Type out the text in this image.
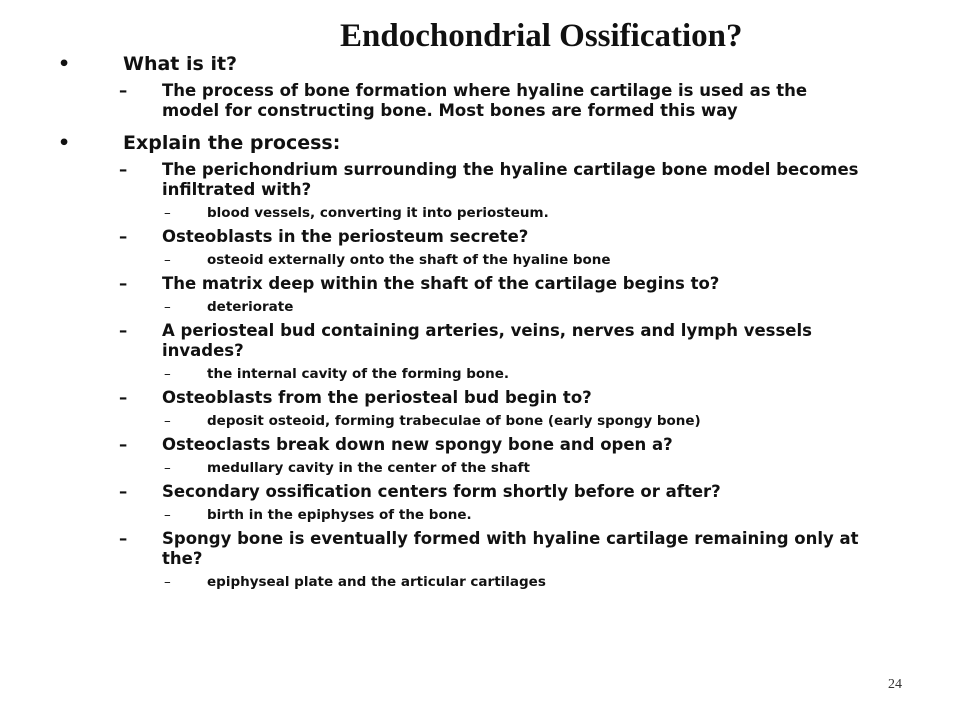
Endochondrial Ossification?
•	What is it?
– The process of bone formation where hyaline cartilage is used as the model for constructing bone. Most bones are formed this way
•	Explain the process:
– The perichondrium surrounding the hyaline cartilage bone model becomes infiltrated with?
–	blood vessels, converting it into periosteum.
– Osteoblasts in the periosteum secrete?
–	osteoid externally onto the shaft of the hyaline bone
– The matrix deep within the shaft of the cartilage begins to?
–	deteriorate
– A periosteal bud containing arteries, veins, nerves and lymph vessels invades?
–	the internal cavity of the forming bone.
– Osteoblasts from the periosteal bud begin to?
–	deposit osteoid, forming trabeculae of bone (early spongy bone)
– Osteoclasts break down new spongy bone and open a?
–	medullary cavity in the center of the shaft
– Secondary ossification centers form shortly before or after?
–	birth in the epiphyses of the bone.
– Spongy bone is eventually formed with hyaline cartilage remaining only at the?
–	epiphyseal plate and the articular cartilages
24
